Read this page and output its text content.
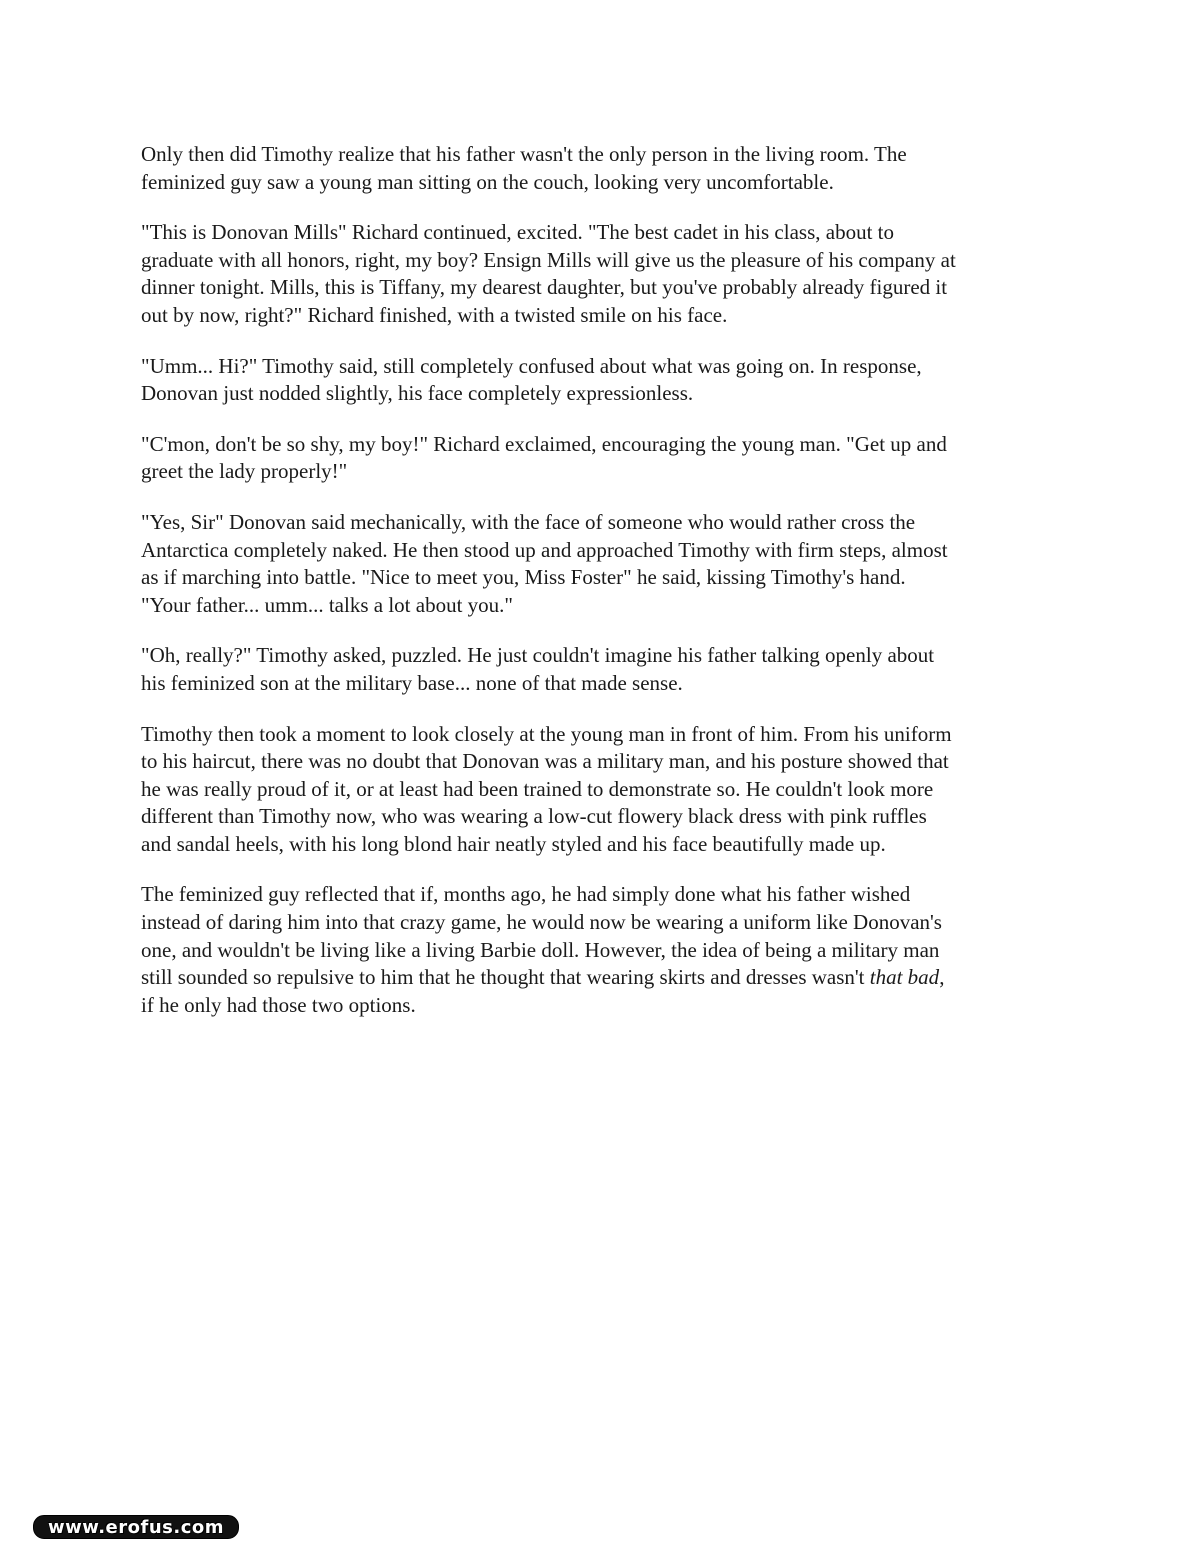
Only then did Timothy realize that his father wasn't the only person in the living room. The
feminized guy saw a young man sitting on the couch, looking very uncomfortable.

"This is Donovan Mills" Richard continued, excited. "The best cadet in his class, about to
graduate with all honors, right, my boy? Ensign Mills will give us the pleasure of his company at
dinner tonight. Mills, this is Tiffany, my dearest daughter, but you've probably already figured it
out by now, right?" Richard finished, with a twisted smile on his face.

"Umm... Hi?" Timothy said, still completely confused about what was going on. In response,
Donovan just nodded slightly, his face completely expressionless.

"C'mon, don't be so shy, my boy!" Richard exclaimed, encouraging the young man. "Get up and
greet the lady properly!"

"Yes, Sir" Donovan said mechanically, with the face of someone who would rather cross the
Antarctica completely naked. He then stood up and approached Timothy with firm steps, almost
as if marching into battle. "Nice to meet you, Miss Foster" he said, kissing Timothy's hand.
"Your father... umm... talks a lot about you."

"Oh, really?" Timothy asked, puzzled. He just couldn't imagine his father talking openly about
his feminized son at the military base... none of that made sense.

Timothy then took a moment to look closely at the young man in front of him. From his uniform
to his haircut, there was no doubt that Donovan was a military man, and his posture showed that
he was really proud of it, or at least had been trained to demonstrate so. He couldn't look more
different than Timothy now, who was wearing a low-cut flowery black dress with pink ruffles
and sandal heels, with his long blond hair neatly styled and his face beautifully made up.

The feminized guy reflected that if, months ago, he had simply done what his father wished
instead of daring him into that crazy game, he would now be wearing a uniform like Donovan's
one, and wouldn't be living like a living Barbie doll. However, the idea of being a military man
still sounded so repulsive to him that he thought that wearing skirts and dresses wasn't that bad,
if he only had those two options.

www.erofus.com
